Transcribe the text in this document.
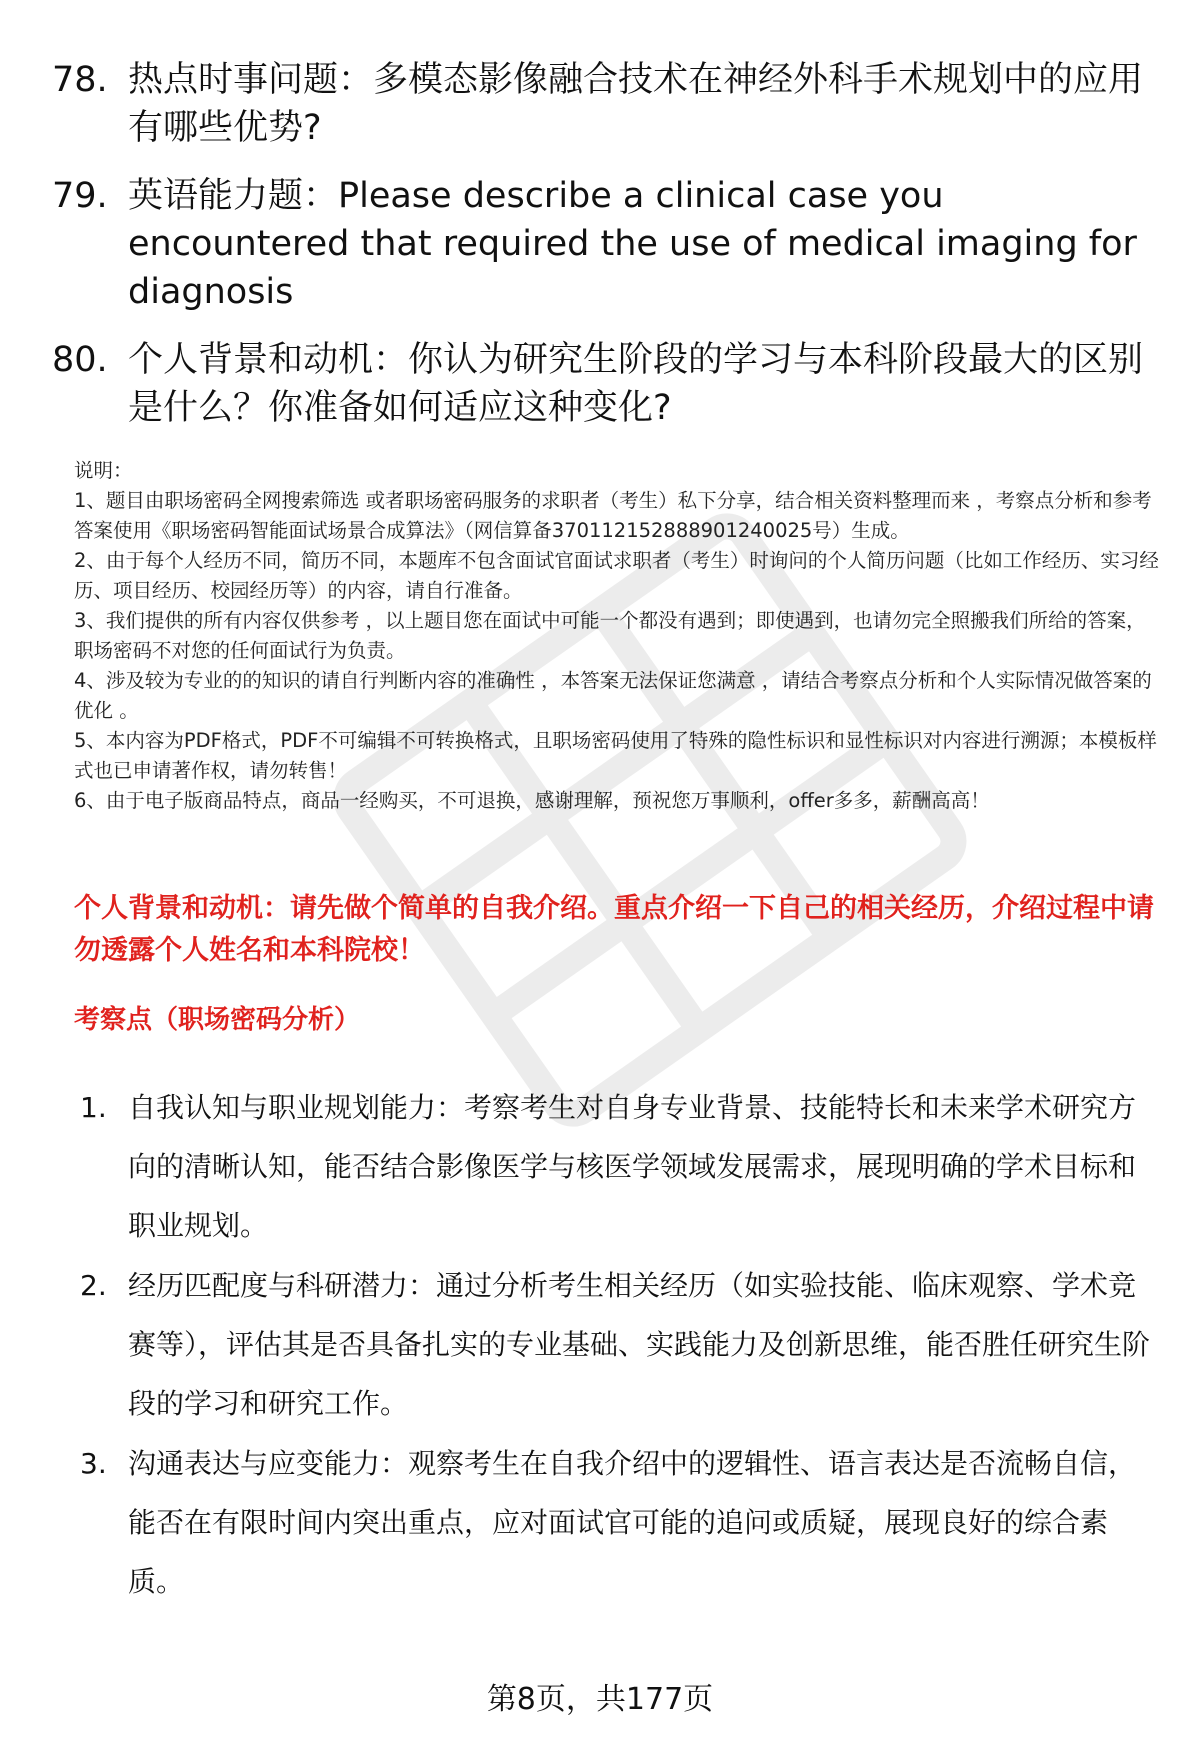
78. 热点时事问题：多模态影像融合技术在神经外科手术规划中的应用有哪些优势?
79. 英语能力题：Please describe a clinical case you encountered that required the use of medical imaging for diagnosis
80. 个人背景和动机：你认为研究生阶段的学习与本科阶段最大的区别是什么？你准备如何适应这种变化?

说明：

1、题目由职场密码全网搜索筛选 或者职场密码服务的求职者（考生）私下分享，结合相关资料整理而来 ，考察点分析和参考答案使用《职场密码智能面试场景合成算法》（网信算备370112152888901240025号）生成。

2、由于每个人经历不同，简历不同，本题库不包含面试官面试求职者（考生）时询问的个人简历问题（比如工作经历、实习经历、项目经历、校园经历等）的内容，请自行准备。

3、我们提供的所有内容仅供参考 ，以上题目您在面试中可能一个都没有遇到；即使遇到，也请勿完全照搬我们所给的答案，职场密码不对您的任何面试行为负责。

4、涉及较为专业的的知识的请自行判断内容的准确性 ，本答案无法保证您满意 ，请结合考察点分析和个人实际情况做答案的优化 。

5、本内容为PDF格式，PDF不可编辑不可转换格式，且职场密码使用了特殊的隐性标识和显性标识对内容进行溯源；本模板样式也已申请著作权，请勿转售！

6、由于电子版商品特点，商品一经购买，不可退换，感谢理解，预祝您万事顺利，offer多多，薪酬高高！

个人背景和动机：请先做个简单的自我介绍。重点介绍一下自己的相关经历，介绍过程中请勿透露个人姓名和本科院校！
考察点（职场密码分析）
1. 自我认知与职业规划能力：考察考生对自身专业背景、技能特长和未来学术研究方向的清晰认知，能否结合影像医学与核医学领域发展需求，展现明确的学术目标和职业规划。
2. 经历匹配度与科研潜力：通过分析考生相关经历（如实验技能、临床观察、学术竞赛等），评估其是否具备扎实的专业基础、实践能力及创新思维，能否胜任研究生阶段的学习和研究工作。
3. 沟通表达与应变能力：观察考生在自我介绍中的逻辑性、语言表达是否流畅自信，能否在有限时间内突出重点，应对面试官可能的追问或质疑，展现良好的综合素质。
第8页，共177页
